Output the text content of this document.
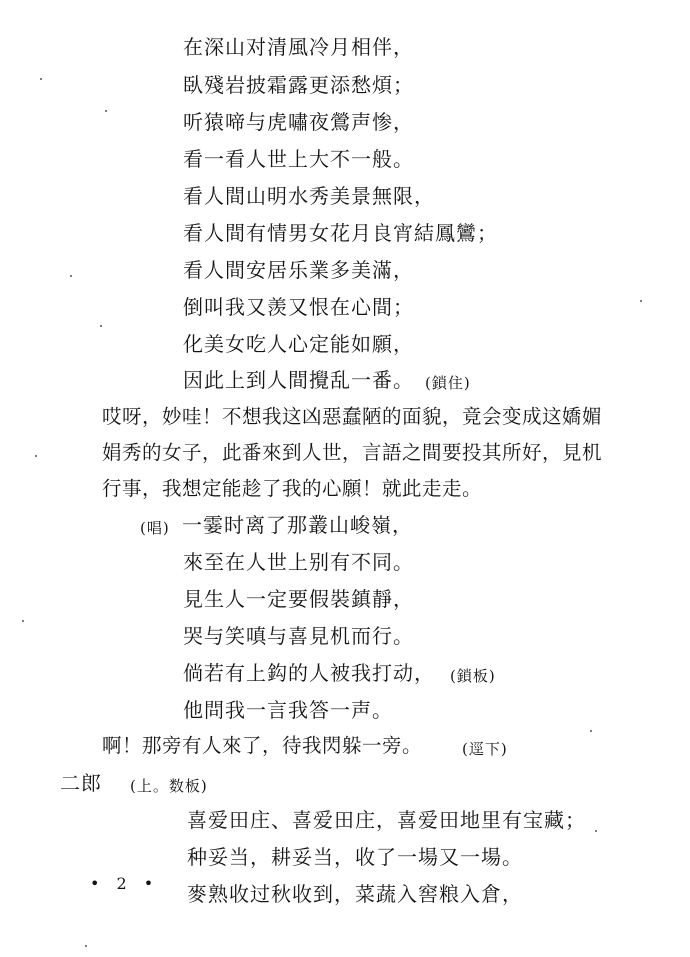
在深山对清風冷月相伴，
臥殘岩披霜露更添愁煩；
听猿啼与虎嘯夜鶯声惨，
看一看人世上大不一般。
看人間山明水秀美景無限，
看人間有情男女花月良宵結鳳鸞；
看人間安居乐業多美滿，
倒叫我又羡又恨在心間；
化美女吃人心定能如願，
因此上到人間攪乱一番。 (鎖住)
哎呀，妙哇！不想我这凶惡蠢陋的面貌，竟会变成这嬌媚
娟秀的女子，此番來到人世，言語之間要投其所好，見机
行事，我想定能趁了我的心願！就此走走。
(唱) 一霎时离了那叢山峻嶺，
來至在人世上别有不同。
見生人一定要假裝鎮靜，
哭与笑嗔与喜見机而行。
倘若有上鈎的人被我打动， (鎖板)
他問我一言我答一声。
啊！那旁有人來了，待我閃躲一旁。	(逕下)
二郎 (上。数板)
喜爱田庄、喜爱田庄，喜爱田地里有宝藏；
种妥当，耕妥当，收了一場又一場。
麥熟收过秋收到，菜蔬入窖粮入倉，
• 2 •
